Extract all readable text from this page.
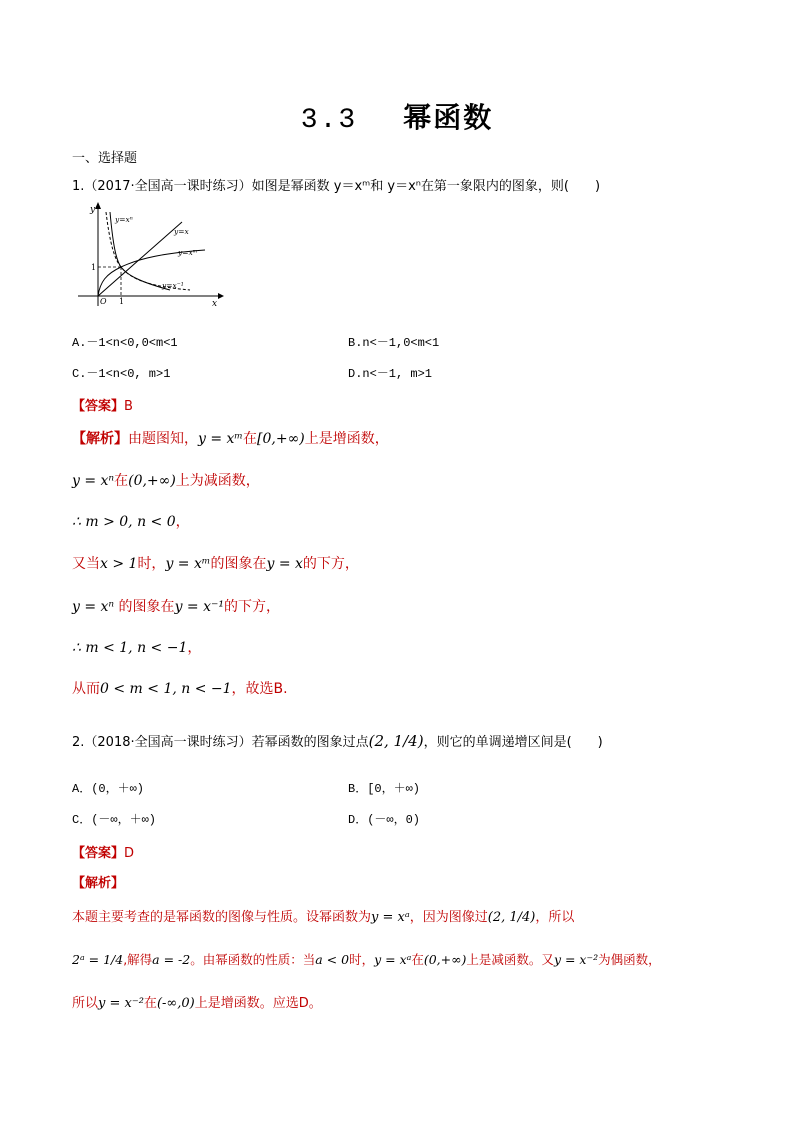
3.3 幂函数
一、选择题
1.（2017·全国高一课时练习）如图是幂函数 y＝xᵐ和 y＝xⁿ在第一象限内的图象，则(　　)
y
x
O 1
1
y=xⁿ
y=x
y=xᵐ
y=x⁻¹
A.－1<n<0,0<m<1	B.n<－1,0<m<1
C.－1<n<0, m>1	D.n<－1, m>1
【答案】B
【解析】由题图知，y = xᵐ在[0,+∞)上是增函数，
y = xⁿ在(0,+∞)上为减函数，
∴ m > 0, n < 0，
又当x > 1时，y = xᵐ的图象在y = x的下方，
y = xⁿ 的图象在y = x⁻¹的下方，
∴ m < 1, n < −1，
从而0 < m < 1, n < −1，故选B.
2.（2018·全国高一课时练习）若幂函数的图象过点(2, 1/4)，则它的单调递增区间是(　　)
A．(0，＋∞)	B．[0，＋∞)
C．(－∞，＋∞)	D．(－∞，0)
【答案】D
【解析】
本题主要考查的是幂函数的图像与性质。设幂函数为y = xᵃ，因为图像过(2, 1/4)，所以
2ᵃ = 1/4,解得a = -2。由幂函数的性质：当a < 0时，y = xᵃ在(0,+∞)上是减函数。又y = x⁻²为偶函数，
所以y = x⁻²在(-∞,0)上是增函数。应选D。
